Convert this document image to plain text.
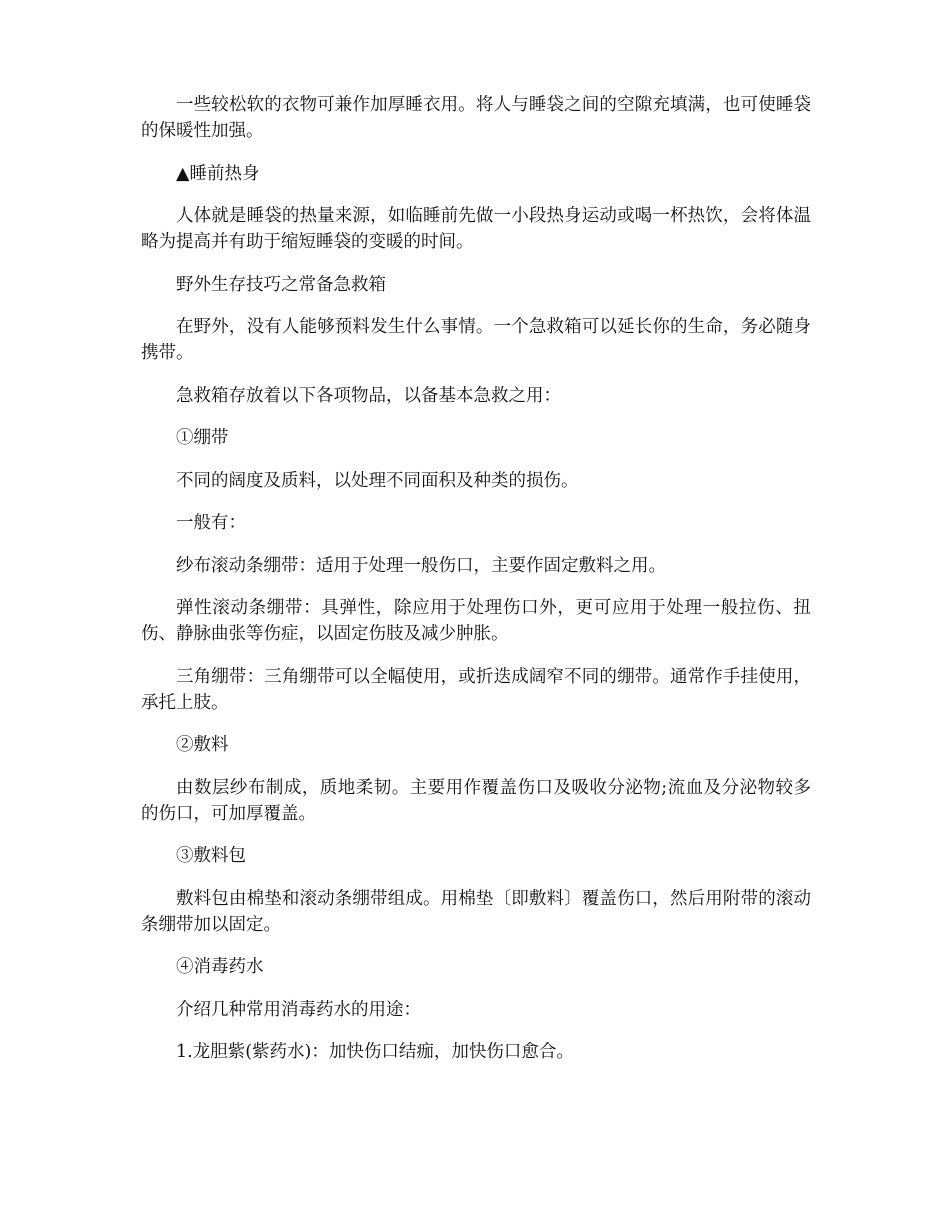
一些较松软的衣物可兼作加厚睡衣用。将人与睡袋之间的空隙充填满，也可使睡袋的保暖性加强。

▲睡前热身

人体就是睡袋的热量来源，如临睡前先做一小段热身运动或喝一杯热饮，会将体温略为提高并有助于缩短睡袋的变暖的时间。

野外生存技巧之常备急救箱

在野外，没有人能够预料发生什么事情。一个急救箱可以延长你的生命，务必随身携带。

急救箱存放着以下各项物品，以备基本急救之用：

①绷带

不同的阔度及质料，以处理不同面积及种类的损伤。

一般有：

纱布滚动条绷带：适用于处理一般伤口，主要作固定敷料之用。

弹性滚动条绷带：具弹性，除应用于处理伤口外，更可应用于处理一般拉伤、扭伤、静脉曲张等伤症，以固定伤肢及减少肿胀。

三角绷带：三角绷带可以全幅使用，或折迭成阔窄不同的绷带。通常作手挂使用，承托上肢。

②敷料

由数层纱布制成，质地柔韧。主要用作覆盖伤口及吸收分泌物;流血及分泌物较多的伤口，可加厚覆盖。

③敷料包

敷料包由棉垫和滚动条绷带组成。用棉垫〔即敷料〕覆盖伤口，然后用附带的滚动条绷带加以固定。

④消毒药水

介绍几种常用消毒药水的用途：

1.龙胆紫(紫药水)：加快伤口结痂，加快伤口愈合。
